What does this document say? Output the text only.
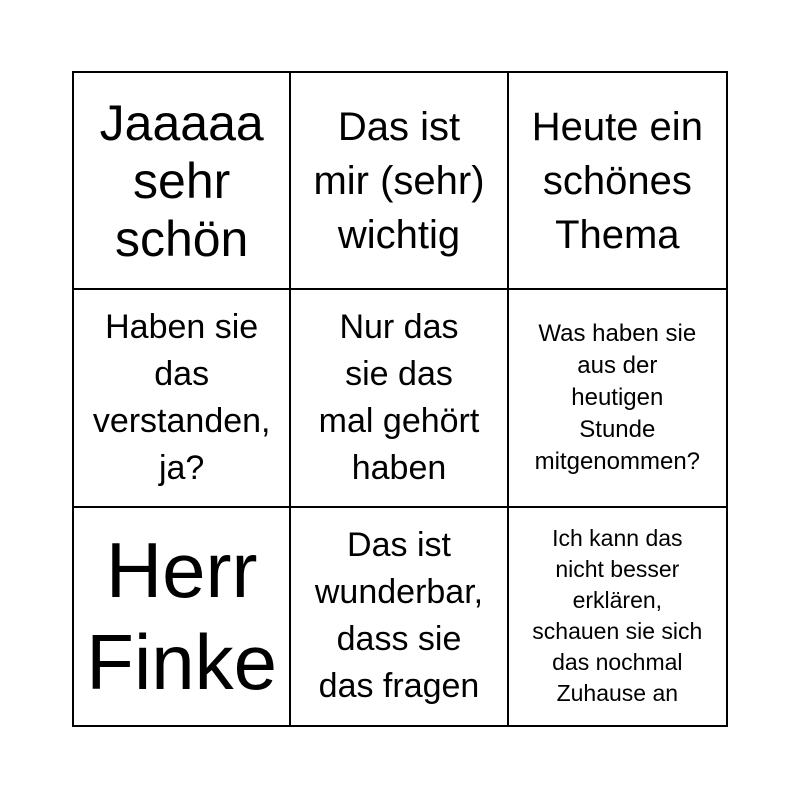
Jaaaaa
sehr
schön
Das ist
mir (sehr)
wichtig
Heute ein
schönes
Thema
Haben sie
das
verstanden,
ja?
Nur das
sie das
mal gehört
haben
Was haben sie
aus der
heutigen
Stunde
mitgenommen?
Herr
Finke
Das ist
wunderbar,
dass sie
das fragen
Ich kann das
nicht besser
erklären,
schauen sie sich
das nochmal
Zuhause an
